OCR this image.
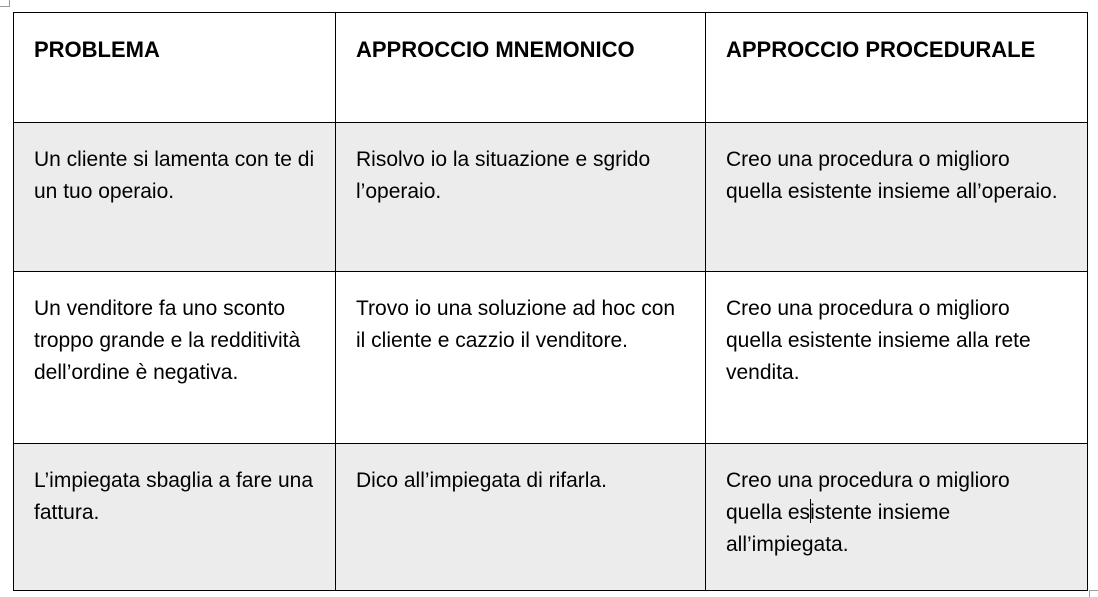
PROBLEMA	APPROCCIO MNEMONICO	APPROCCIO PROCEDURALE
Un cliente si lamenta con te di un tuo operaio.	Risolvo io la situazione e sgrido l’operaio.	Creo una procedura o miglioro quella esistente insieme all’operaio.
Un venditore fa uno sconto troppo grande e la redditività dell’ordine è negativa.	Trovo io una soluzione ad hoc con il cliente e cazzio il venditore.	Creo una procedura o miglioro quella esistente insieme alla rete vendita.
L’impiegata sbaglia a fare una fattura.	Dico all’impiegata di rifarla.	Creo una procedura o miglioro quella esistente insieme all’impiegata.
